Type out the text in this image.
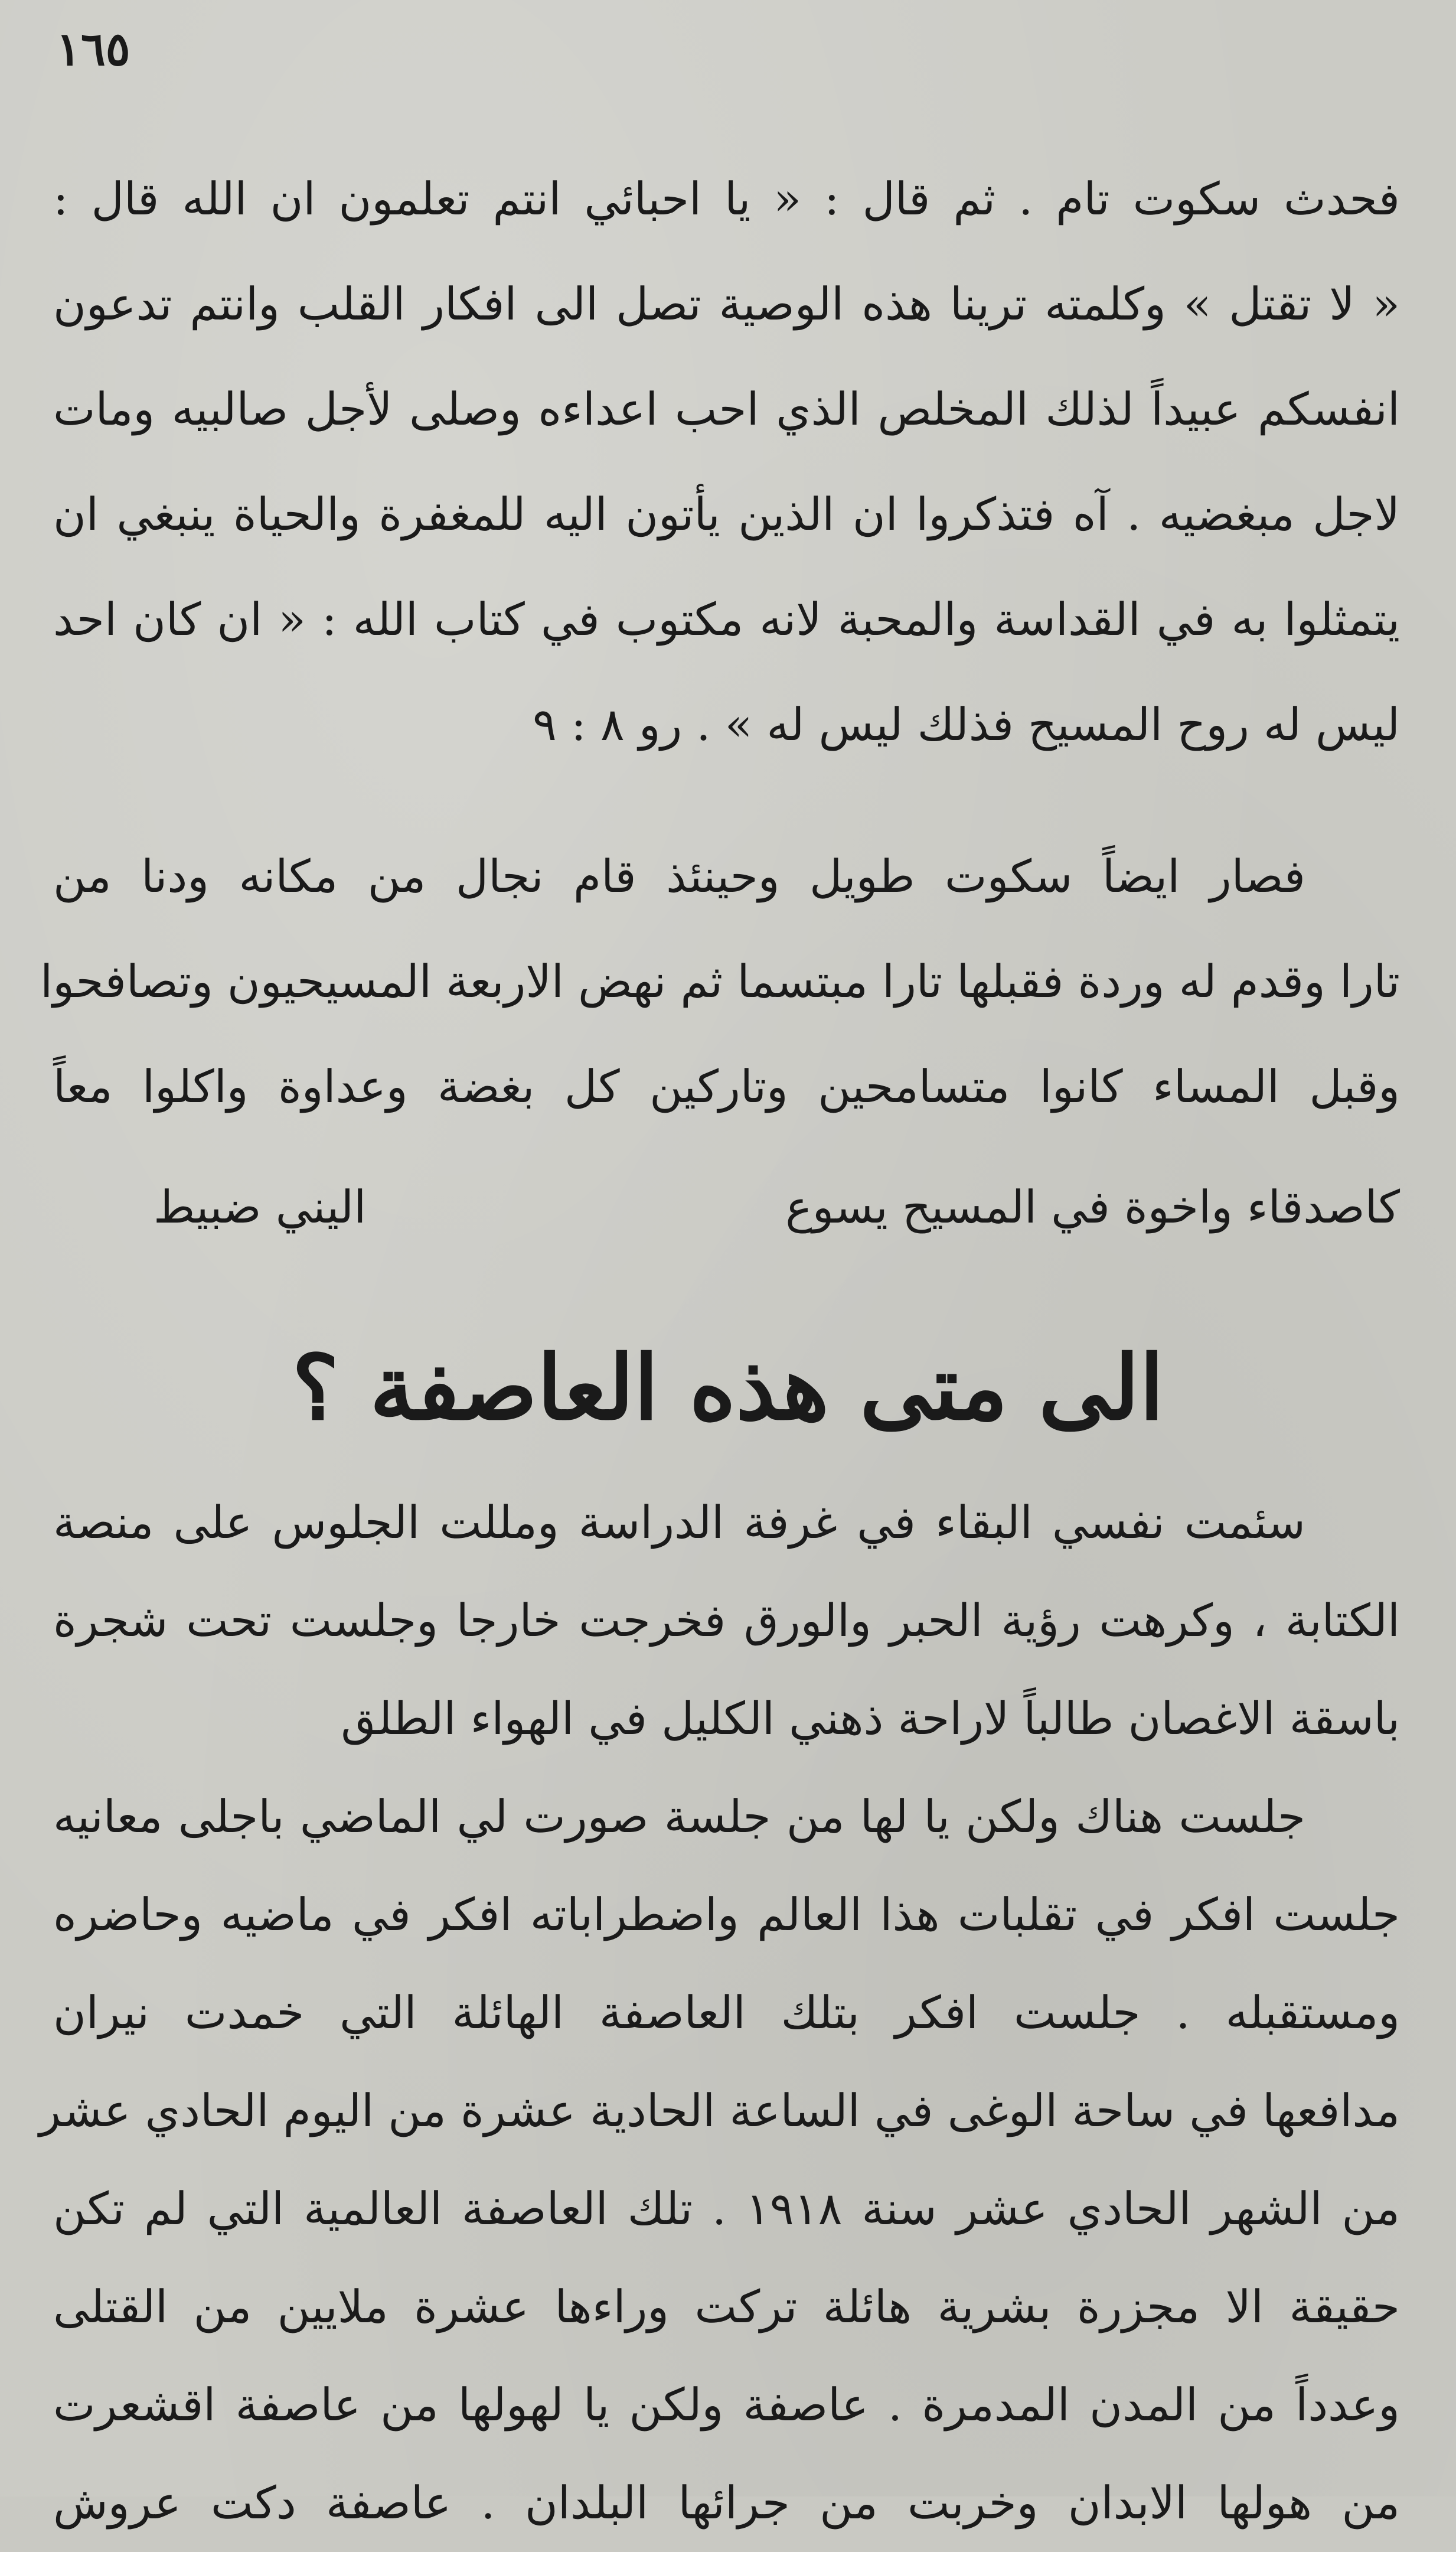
١٦٥
فحدث سكوت تام . ثم قال : « يا احبائي انتم تعلمون ان الله قال :
« لا تقتل » وكلمته ترينا هذه الوصية تصل الى افكار القلب وانتم تدعون
انفسكم عبيداً لذلك المخلص الذي احب اعداءه وصلى لأجل صالبيه ومات
لاجل مبغضيه . آه فتذكروا ان الذين يأتون اليه للمغفرة والحياة ينبغي ان
يتمثلوا به في القداسة والمحبة لانه مكتوب في كتاب الله : « ان كان احد
ليس له روح المسيح فذلك ليس له » . رو ٨ : ٩
فصار ايضاً سكوت طويل وحينئذ قام نجال من مكانه ودنا من
تارا وقدم له وردة فقبلها تارا مبتسما ثم نهض الاربعة المسيحيون وتصافحوا
وقبل المساء كانوا متسامحين وتاركين كل بغضة وعداوة واكلوا معاً
كاصدقاء واخوة في المسيح يسوع
اليني ضبيط
الى متى هذه العاصفة ؟
سئمت نفسي البقاء في غرفة الدراسة ومللت الجلوس على منصة
الكتابة ، وكرهت رؤية الحبر والورق فخرجت خارجا وجلست تحت شجرة
باسقة الاغصان طالباً لاراحة ذهني الكليل في الهواء الطلق
جلست هناك ولكن يا لها من جلسة صورت لي الماضي باجلى معانيه
جلست افكر في تقلبات هذا العالم واضطراباته افكر في ماضيه وحاضره
ومستقبله . جلست افكر بتلك العاصفة الهائلة التي خمدت نيران
مدافعها في ساحة الوغى في الساعة الحادية عشرة من اليوم الحادي عشر
من الشهر الحادي عشر سنة ١٩١٨ . تلك العاصفة العالمية التي لم تكن
حقيقة الا مجزرة بشرية هائلة تركت وراءها عشرة ملايين من القتلى
وعدداً من المدن المدمرة . عاصفة ولكن يا لهولها من عاصفة اقشعرت
من هولها الابدان وخربت من جرائها البلدان . عاصفة دكت عروش
